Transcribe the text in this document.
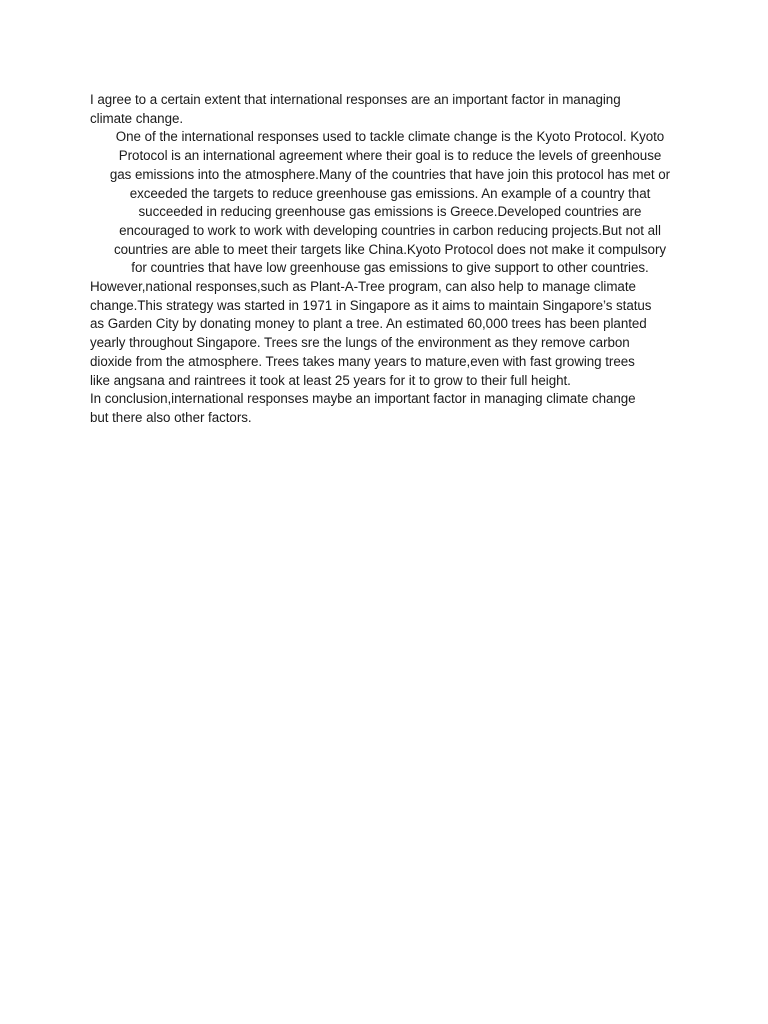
I agree to a certain extent that international responses are an important factor in managing

climate change.

One of the international responses used to tackle climate change is the Kyoto Protocol. Kyoto

Protocol is an international agreement where their goal is to reduce the levels of greenhouse

gas emissions into the atmosphere.Many of the countries that have join this protocol has met or

exceeded the targets to reduce greenhouse gas emissions. An example of a country that

succeeded in reducing greenhouse gas emissions is Greece.Developed countries are

encouraged to work to work with developing countries in carbon reducing projects.But not all

countries are able to meet their targets like China.Kyoto Protocol does not make it compulsory

for countries that have low greenhouse gas emissions to give support to other countries.

However,national responses,such as Plant-A-Tree program, can also help to manage climate

change.This strategy was started in 1971 in Singapore as it aims to maintain Singapore’s status

as Garden City by donating money to plant a tree. An estimated 60,000 trees has been planted

yearly throughout Singapore. Trees sre the lungs of the environment as they remove carbon

dioxide from the atmosphere. Trees takes many years to mature,even with fast growing trees

like angsana and raintrees it took at least 25 years for it to grow to their full height.

In conclusion,international responses maybe an important factor in managing climate change

but there also other factors.
